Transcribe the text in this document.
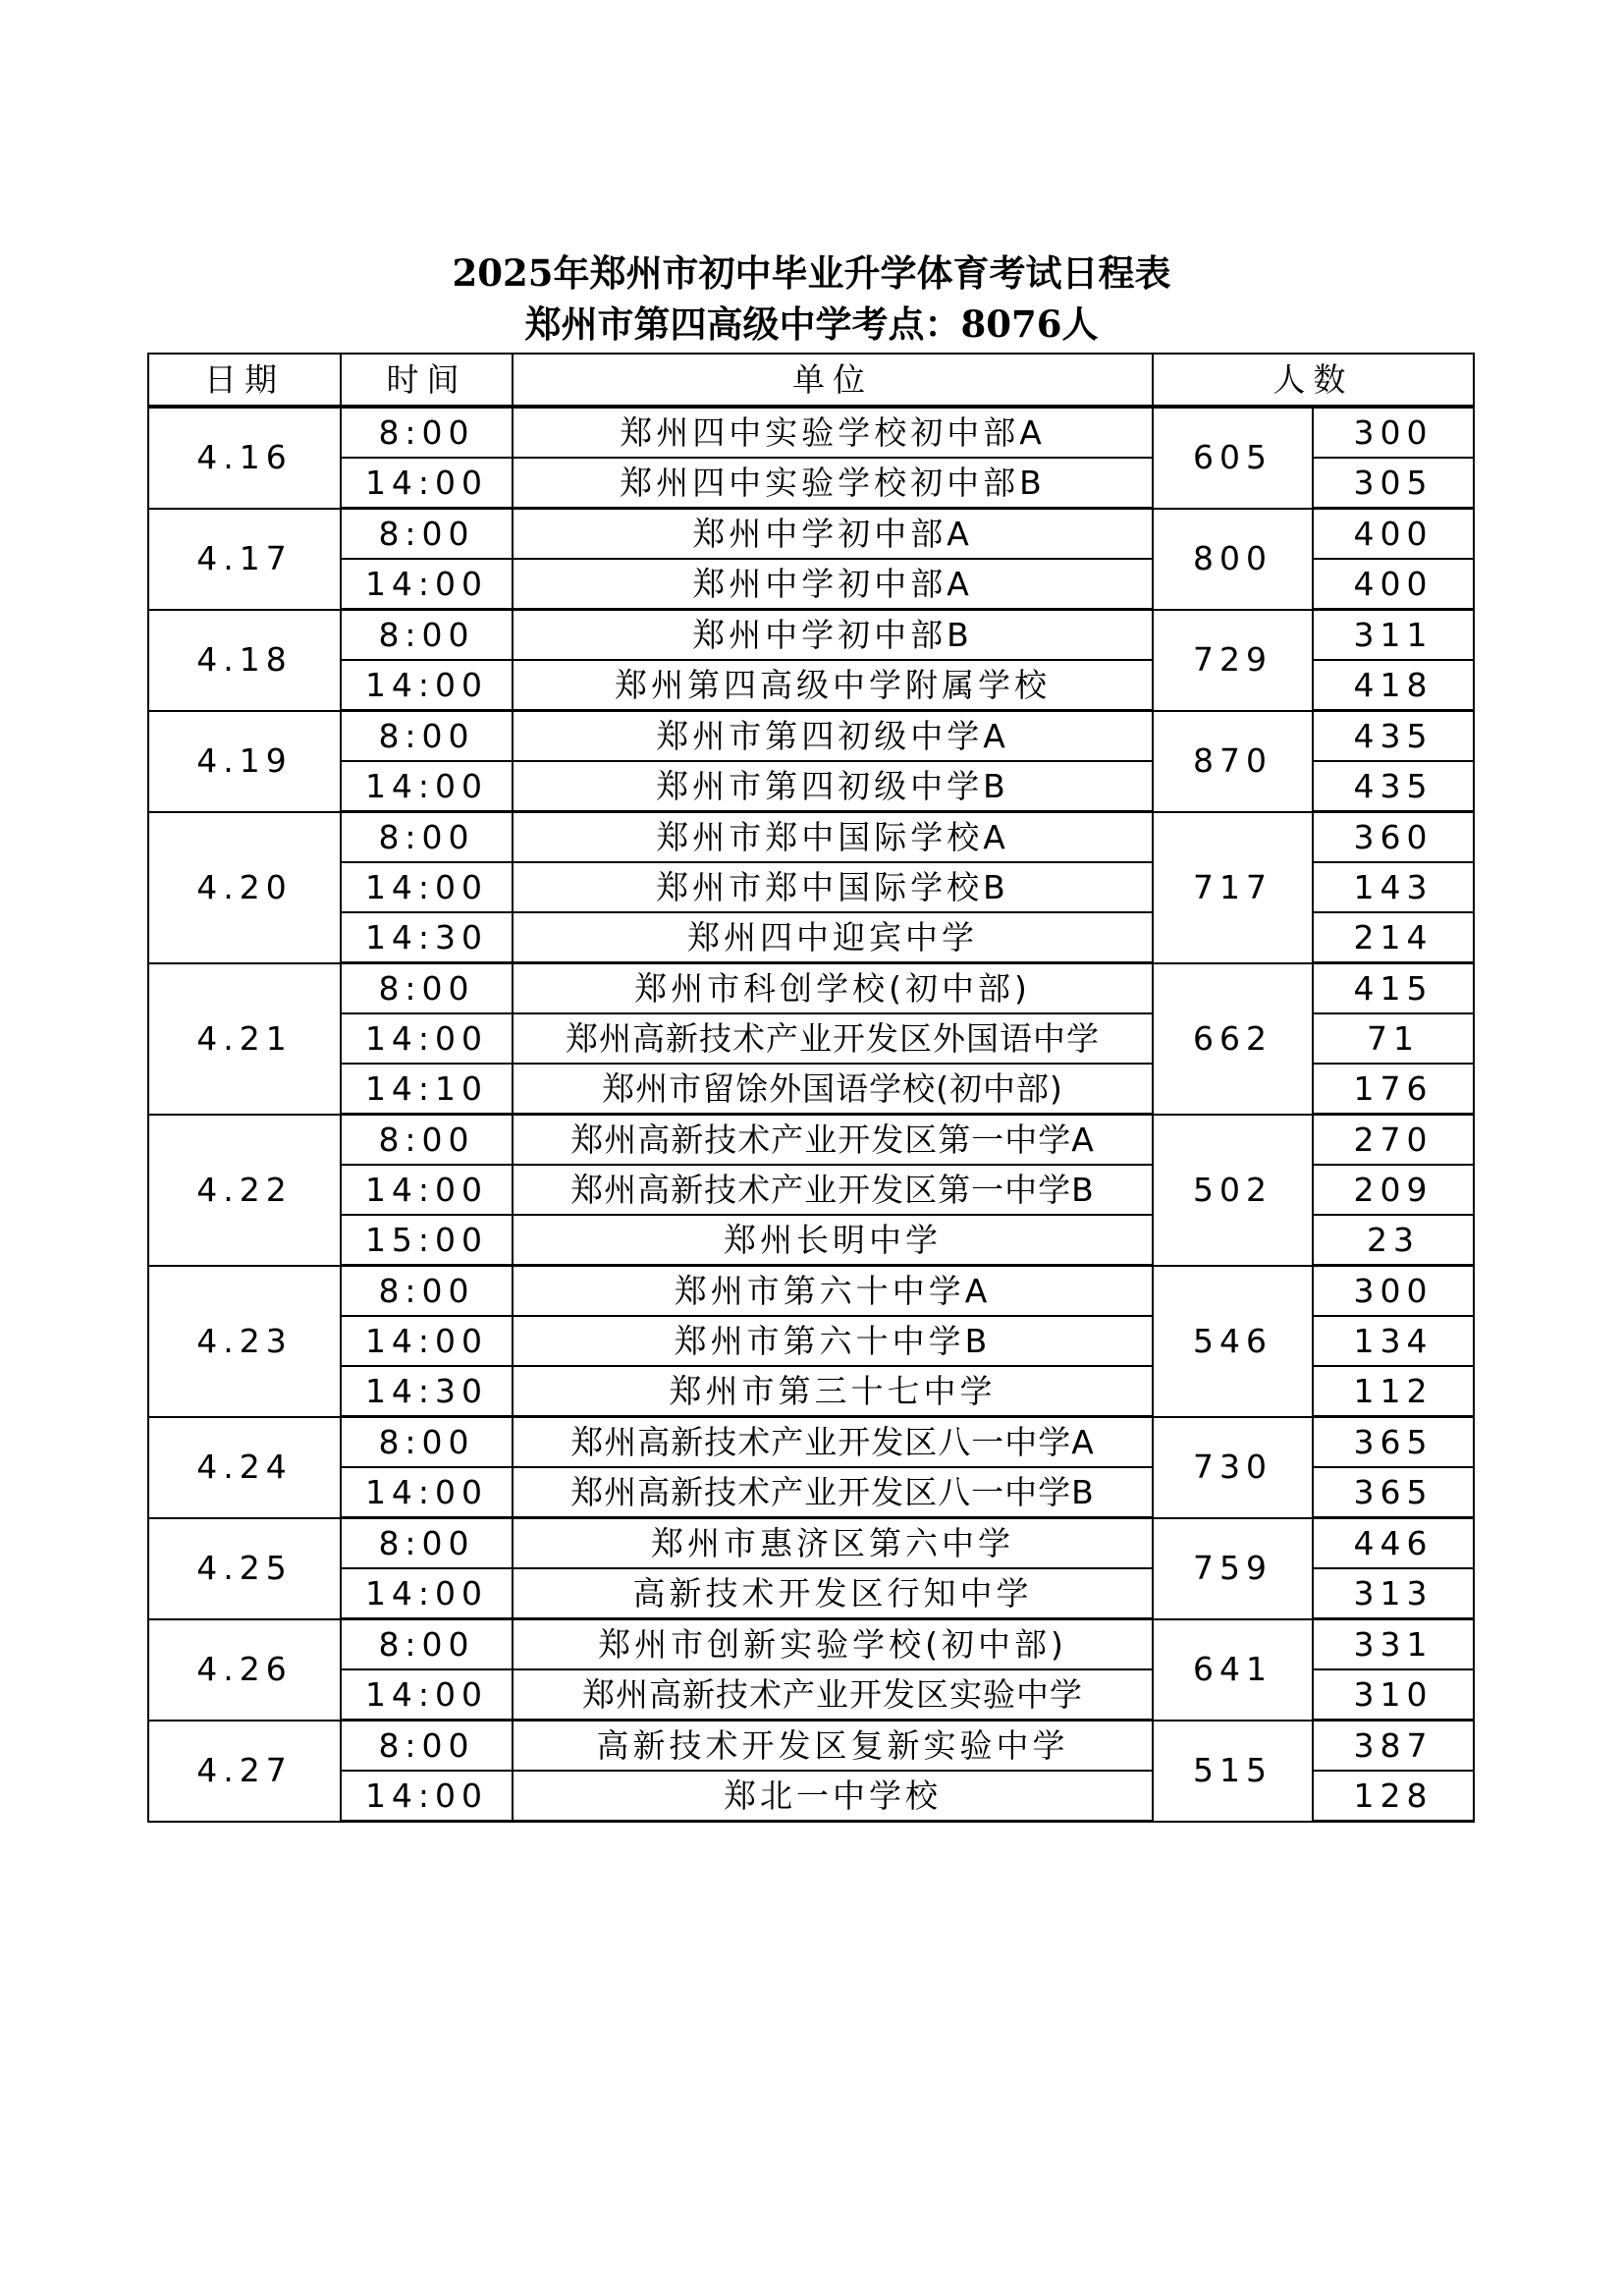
2025年郑州市初中毕业升学体育考试日程表
郑州市第四高级中学考点：8076人
日期	时间	单位	人数	
4.16	8:00	郑州四中实验学校初中部A	605	300
	14:00	郑州四中实验学校初中部B		305
4.17	8:00	郑州中学初中部A	800	400
	14:00	郑州中学初中部A		400
4.18	8:00	郑州中学初中部B	729	311
	14:00	郑州第四高级中学附属学校		418
4.19	8:00	郑州市第四初级中学A	870	435
	14:00	郑州市第四初级中学B		435
4.20	8:00	郑州市郑中国际学校A	717	360
	14:00	郑州市郑中国际学校B		143
	14:30	郑州四中迎宾中学		214
4.21	8:00	郑州市科创学校(初中部)	662	415
	14:00	郑州高新技术产业开发区外国语中学		71
	14:10	郑州市留馀外国语学校(初中部)		176
4.22	8:00	郑州高新技术产业开发区第一中学A	502	270
	14:00	郑州高新技术产业开发区第一中学B		209
	15:00	郑州长明中学		23
4.23	8:00	郑州市第六十中学A	546	300
	14:00	郑州市第六十中学B		134
	14:30	郑州市第三十七中学		112
4.24	8:00	郑州高新技术产业开发区八一中学A	730	365
	14:00	郑州高新技术产业开发区八一中学B		365
4.25	8:00	郑州市惠济区第六中学	759	446
	14:00	高新技术开发区行知中学		313
4.26	8:00	郑州市创新实验学校(初中部)	641	331
	14:00	郑州高新技术产业开发区实验中学		310
4.27	8:00	高新技术开发区复新实验中学	515	387
	14:00	郑北一中学校		128
